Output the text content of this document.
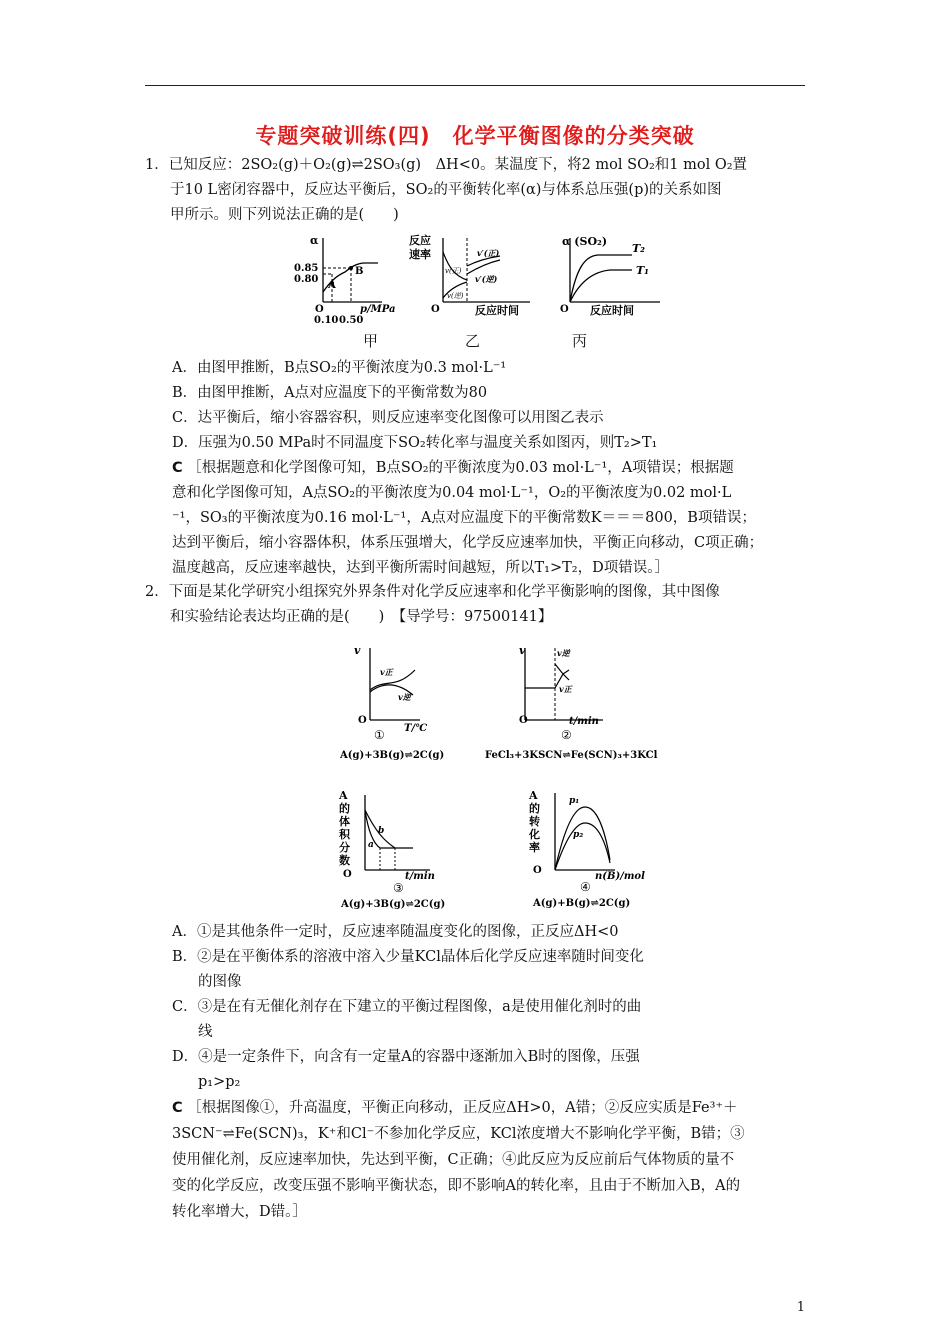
专题突破训练(四)　化学平衡图像的分类突破
1．已知反应：2SO₂(g)＋O₂(g)⇌2SO₃(g)　ΔH<0。某温度下，将2 mol SO₂和1 mol O₂置
于10 L密闭容器中，反应达平衡后，SO₂的平衡转化率(α)与体系总压强(p)的关系如图
甲所示。则下列说法正确的是(　　)
α
0.85
0.80
A
B
O	p/MPa
0.10 0.50
反应
速率
v(正)
v(逆)
v′(正)
v′(逆)
O	反应时间
α (SO₂)
T₂
T₁
O 反应时间
甲	乙	丙
A．由图甲推断，B点SO₂的平衡浓度为0.3 mol·L⁻¹
B．由图甲推断，A点对应温度下的平衡常数为80
C．达平衡后，缩小容器容积，则反应速率变化图像可以用图乙表示
D．压强为0.50 MPa时不同温度下SO₂转化率与温度关系如图丙，则T₂>T₁
C ［根据题意和化学图像可知，B点SO₂的平衡浓度为0.03 mol·L⁻¹，A项错误；根据题
意和化学图像可知，A点SO₂的平衡浓度为0.04 mol·L⁻¹，O₂的平衡浓度为0.02 mol·L
⁻¹，SO₃的平衡浓度为0.16 mol·L⁻¹，A点对应温度下的平衡常数K＝＝＝800，B项错误；
达到平衡后，缩小容器体积，体系压强增大，化学反应速率加快，平衡正向移动，C项正确；
温度越高，反应速率越快，达到平衡所需时间越短，所以T₁>T₂，D项错误。］
2．下面是某化学研究小组探究外界条件对化学反应速率和化学平衡影响的图像，其中图像
和实验结论表达均正确的是(　　)　【导学号：97500141】
v
v正
v逆
O
T/℃
①
A(g)+3B(g)⇌2C(g)
v	v逆
v正
O	t/min
②
FeCl₃+3KSCN⇌Fe(SCN)₃+3KCl
A
的
体
积
分
数
a
b
O	t/min
③
A(g)+3B(g)⇌2C(g)
A
的
转
化
率
p₁
p₂
O
n(B)/mol
④
A(g)+B(g)⇌2C(g)
A．①是其他条件一定时，反应速率随温度变化的图像，正反应ΔH<0
B．②是在平衡体系的溶液中溶入少量KCl晶体后化学反应速率随时间变化
的图像
C．③是在有无催化剂存在下建立的平衡过程图像，a是使用催化剂时的曲
线
D．④是一定条件下，向含有一定量A的容器中逐渐加入B时的图像，压强
p₁>p₂
C ［根据图像①，升高温度，平衡正向移动，正反应ΔH>0，A错；②反应实质是Fe³⁺＋
3SCN⁻⇌Fe(SCN)₃，K⁺和Cl⁻不参加化学反应，KCl浓度增大不影响化学平衡，B错；③
使用催化剂，反应速率加快，先达到平衡，C正确；④此反应为反应前后气体物质的量不
变的化学反应，改变压强不影响平衡状态，即不影响A的转化率，且由于不断加入B，A的
转化率增大，D错。］
1
